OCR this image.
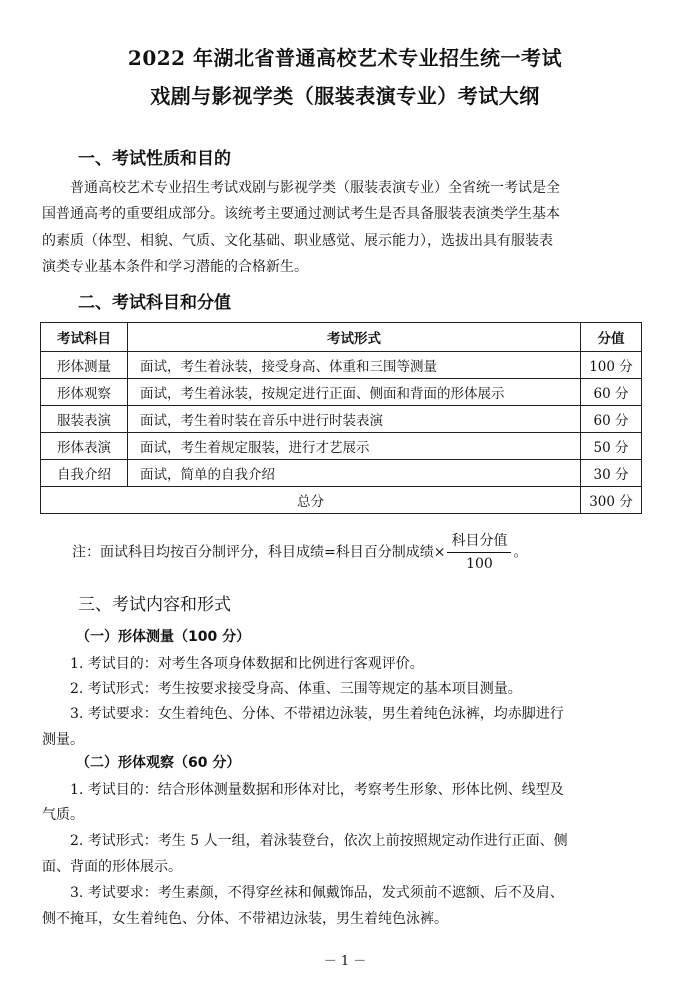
2022 年湖北省普通高校艺术专业招生统一考试
戏剧与影视学类（服装表演专业）考试大纲
一、考试性质和目的
普通高校艺术专业招生考试戏剧与影视学类（服装表演专业）全省统一考试是全
国普通高考的重要组成部分。该统考主要通过测试考生是否具备服装表演类学生基本
的素质（体型、相貌、气质、文化基础、职业感觉、展示能力），选拔出具有服装表
演类专业基本条件和学习潜能的合格新生。
二、考试科目和分值
考试科目	考试形式	分值
形体测量	面试，考生着泳装，接受身高、体重和三围等测量	100 分
形体观察	面试，考生着泳装，按规定进行正面、侧面和背面的形体展示	60 分
服装表演	面试，考生着时装在音乐中进行时装表演	60 分
形体表演	面试，考生着规定服装，进行才艺展示	50 分
自我介绍	面试，简单的自我介绍	30 分
总分		300 分
注：面试科目均按百分制评分，科目成绩=科目百分制成绩× $\frac{\text{科目分值}}{100}$ 。
三、考试内容和形式
（一）形体测量（100 分）
1. 考试目的：对考生各项身体数据和比例进行客观评价。
2. 考试形式：考生按要求接受身高、体重、三围等规定的基本项目测量。
3. 考试要求：女生着纯色、分体、不带裙边泳装，男生着纯色泳裤，均赤脚进行
测量。
（二）形体观察（60 分）
1. 考试目的：结合形体测量数据和形体对比，考察考生形象、形体比例、线型及
气质。
2. 考试形式：考生 5 人一组，着泳装登台，依次上前按照规定动作进行正面、侧
面、背面的形体展示。
3. 考试要求：考生素颜，不得穿丝袜和佩戴饰品，发式须前不遮额、后不及肩、
侧不掩耳，女生着纯色、分体、不带裙边泳装，男生着纯色泳裤。
－ 1 －
